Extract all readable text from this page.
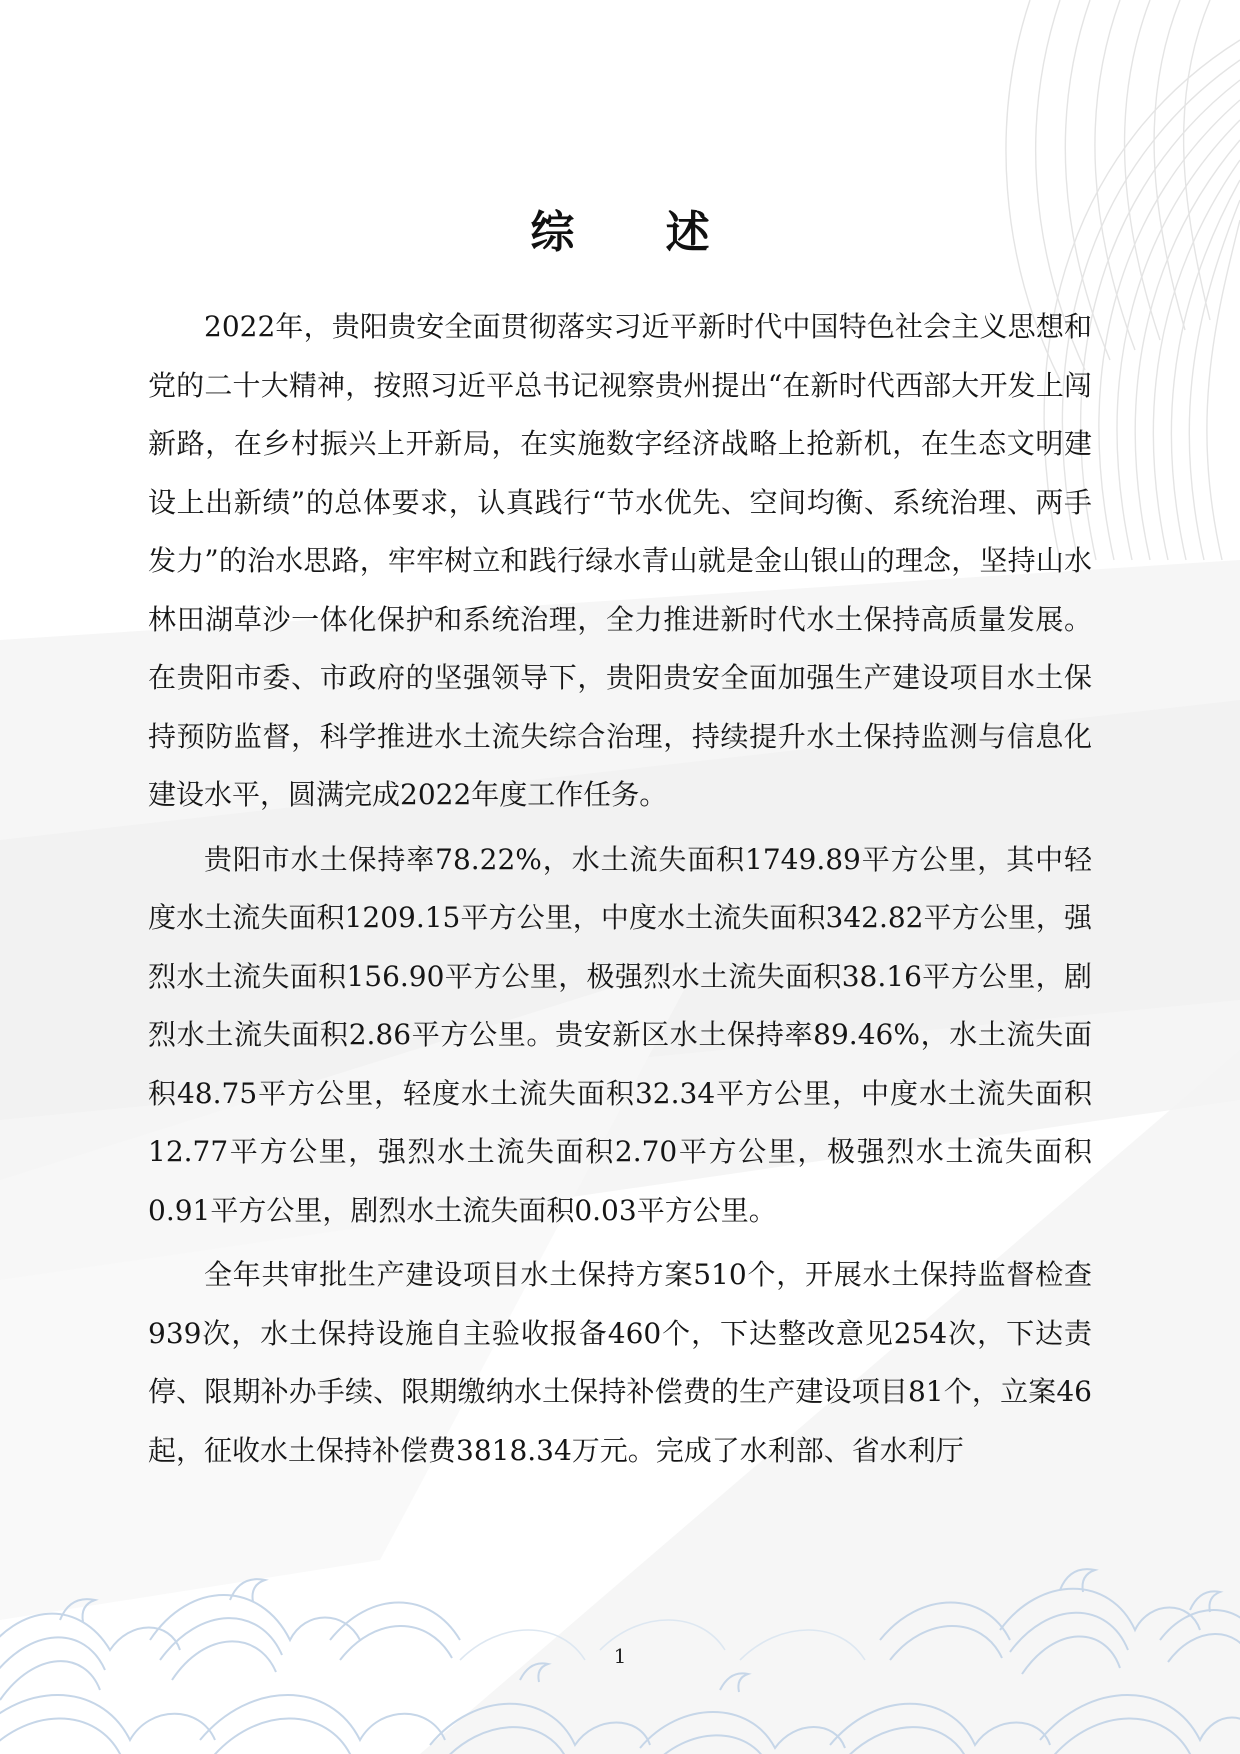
综 述

2022年，贵阳贵安全面贯彻落实习近平新时代中国特色社会主义思想和党的二十大精神，按照习近平总书记视察贵州提出“在新时代西部大开发上闯新路，在乡村振兴上开新局，在实施数字经济战略上抢新机，在生态文明建设上出新绩”的总体要求，认真践行“节水优先、空间均衡、系统治理、两手发力”的治水思路，牢牢树立和践行绿水青山就是金山银山的理念，坚持山水林田湖草沙一体化保护和系统治理，全力推进新时代水土保持高质量发展。在贵阳市委、市政府的坚强领导下，贵阳贵安全面加强生产建设项目水土保持预防监督，科学推进水土流失综合治理，持续提升水土保持监测与信息化建设水平，圆满完成2022年度工作任务。

贵阳市水土保持率78.22%，水土流失面积1749.89平方公里，其中轻度水土流失面积1209.15平方公里，中度水土流失面积342.82平方公里，强烈水土流失面积156.90平方公里，极强烈水土流失面积38.16平方公里，剧烈水土流失面积2.86平方公里。贵安新区水土保持率89.46%，水土流失面积48.75平方公里，轻度水土流失面积32.34平方公里，中度水土流失面积12.77平方公里，强烈水土流失面积2.70平方公里，极强烈水土流失面积0.91平方公里，剧烈水土流失面积0.03平方公里。

全年共审批生产建设项目水土保持方案510个，开展水土保持监督检查939次，水土保持设施自主验收报备460个，下达整改意见254次，下达责停、限期补办手续、限期缴纳水土保持补偿费的生产建设项目81个，立案46起，征收水土保持补偿费3818.34万元。完成了水利部、省水利厅

1
